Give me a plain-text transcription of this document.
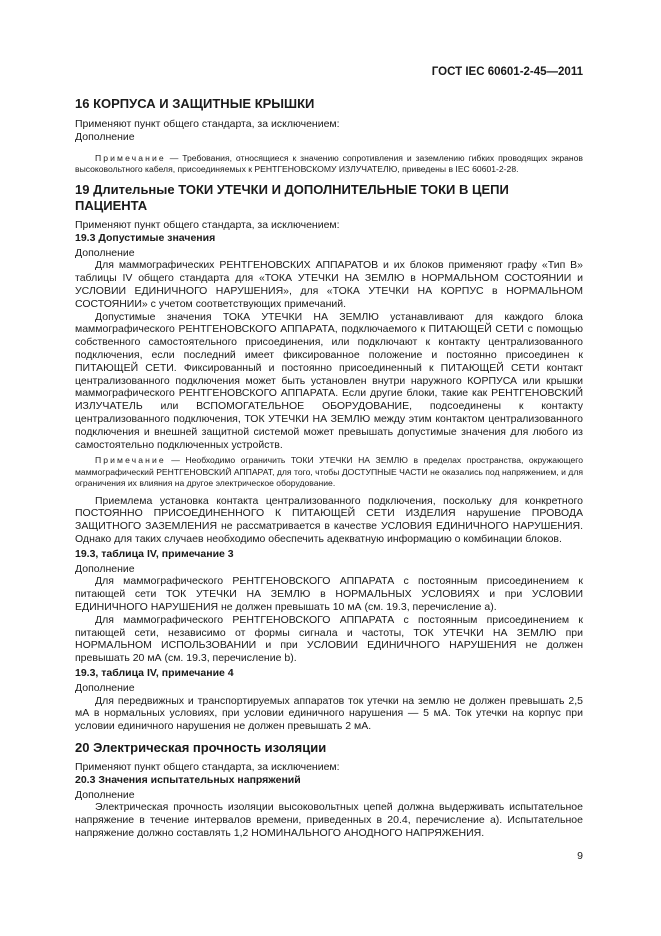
ГОСТ IEC 60601-2-45—2011
16 КОРПУСА И ЗАЩИТНЫЕ КРЫШКИ

Применяют пункт общего стандарта, за исключением:

Дополнение

Примечание — Требования, относящиеся к значению сопротивления и заземлению гибких проводящих экранов высоковольтного кабеля, присоединяемых к РЕНТГЕНОВСКОМУ ИЗЛУЧАТЕЛЮ, приведены в IEC 60601-2-28.

19 Длительные ТОКИ УТЕЧКИ И ДОПОЛНИТЕЛЬНЫЕ ТОКИ В ЦЕПИ ПАЦИЕНТА

Применяют пункт общего стандарта, за исключением:

19.3 Допустимые значения

Дополнение

Для маммографических РЕНТГЕНОВСКИХ АППАРАТОВ и их блоков применяют графу «Тип В» таблицы IV общего стандарта для «ТОКА УТЕЧКИ НА ЗЕМЛЮ в НОРМАЛЬНОМ СОСТОЯНИИ и УСЛОВИИ ЕДИНИЧНОГО НАРУШЕНИЯ», для «ТОКА УТЕЧКИ НА КОРПУС в НОРМАЛЬНОМ СОСТОЯНИИ» с учетом соответствующих примечаний.

Допустимые значения ТОКА УТЕЧКИ НА ЗЕМЛЮ устанавливают для каждого блока маммографического РЕНТГЕНОВСКОГО АППАРАТА, подключаемого к ПИТАЮЩЕЙ СЕТИ с помощью собственного самостоятельного присоединения, или подключают к контакту централизованного подключения, если последний имеет фиксированное положение и постоянно присоединен к ПИТАЮЩЕЙ СЕТИ. Фиксированный и постоянно присоединенный к ПИТАЮЩЕЙ СЕТИ контакт централизованного подключения может быть установлен внутри наружного КОРПУСА или крышки маммографического РЕНТГЕНОВСКОГО АППАРАТА. Если другие блоки, такие как РЕНТГЕНОВСКИЙ ИЗЛУЧАТЕЛЬ или ВСПОМОГАТЕЛЬНОЕ ОБОРУДОВАНИЕ, подсоединены к контакту централизованного подключения, ТОК УТЕЧКИ НА ЗЕМЛЮ между этим контактом централизованного подключения и внешней защитной системой может превышать допустимые значения для любого из самостоятельно подключенных устройств.

Примечание — Необходимо ограничить ТОКИ УТЕЧКИ НА ЗЕМЛЮ в пределах пространства, окружающего маммографический РЕНТГЕНОВСКИЙ АППАРАТ, для того, чтобы ДОСТУПНЫЕ ЧАСТИ не оказались под напряжением, и для ограничения их влияния на другое электрическое оборудование.

Приемлема установка контакта централизованного подключения, поскольку для конкретного ПОСТОЯННО ПРИСОЕДИНЕННОГО К ПИТАЮЩЕЙ СЕТИ ИЗДЕЛИЯ нарушение ПРОВОДА ЗАЩИТНОГО ЗАЗЕМЛЕНИЯ не рассматривается в качестве УСЛОВИЯ ЕДИНИЧНОГО НАРУШЕНИЯ. Однако для таких случаев необходимо обеспечить адекватную информацию о комбинации блоков.

19.3, таблица IV, примечание 3

Дополнение

Для маммографического РЕНТГЕНОВСКОГО АППАРАТА с постоянным присоединением к питающей сети ТОК УТЕЧКИ НА ЗЕМЛЮ в НОРМАЛЬНЫХ УСЛОВИЯХ и при УСЛОВИИ ЕДИНИЧНОГО НАРУШЕНИЯ не должен превышать 10 мА (см. 19.3, перечисление а).

Для маммографического РЕНТГЕНОВСКОГО АППАРАТА с постоянным присоединением к питающей сети, независимо от формы сигнала и частоты, ТОК УТЕЧКИ НА ЗЕМЛЮ при НОРМАЛЬНОМ ИСПОЛЬЗОВАНИИ и при УСЛОВИИ ЕДИНИЧНОГО НАРУШЕНИЯ не должен превышать 20 мА (см. 19.3, перечисление b).

19.3, таблица IV, примечание 4

Дополнение

Для передвижных и транспортируемых аппаратов ток утечки на землю не должен превышать 2,5 мА в нормальных условиях, при условии единичного нарушения — 5 мА. Ток утечки на корпус при условии единичного нарушения не должен превышать 2 мА.

20 Электрическая прочность изоляции

Применяют пункт общего стандарта, за исключением:

20.3 Значения испытательных напряжений

Дополнение

Электрическая прочность изоляции высоковольтных цепей должна выдерживать испытательное напряжение в течение интервалов времени, приведенных в 20.4, перечисление а). Испытательное напряжение должно составлять 1,2 НОМИНАЛЬНОГО АНОДНОГО НАПРЯЖЕНИЯ.

9
